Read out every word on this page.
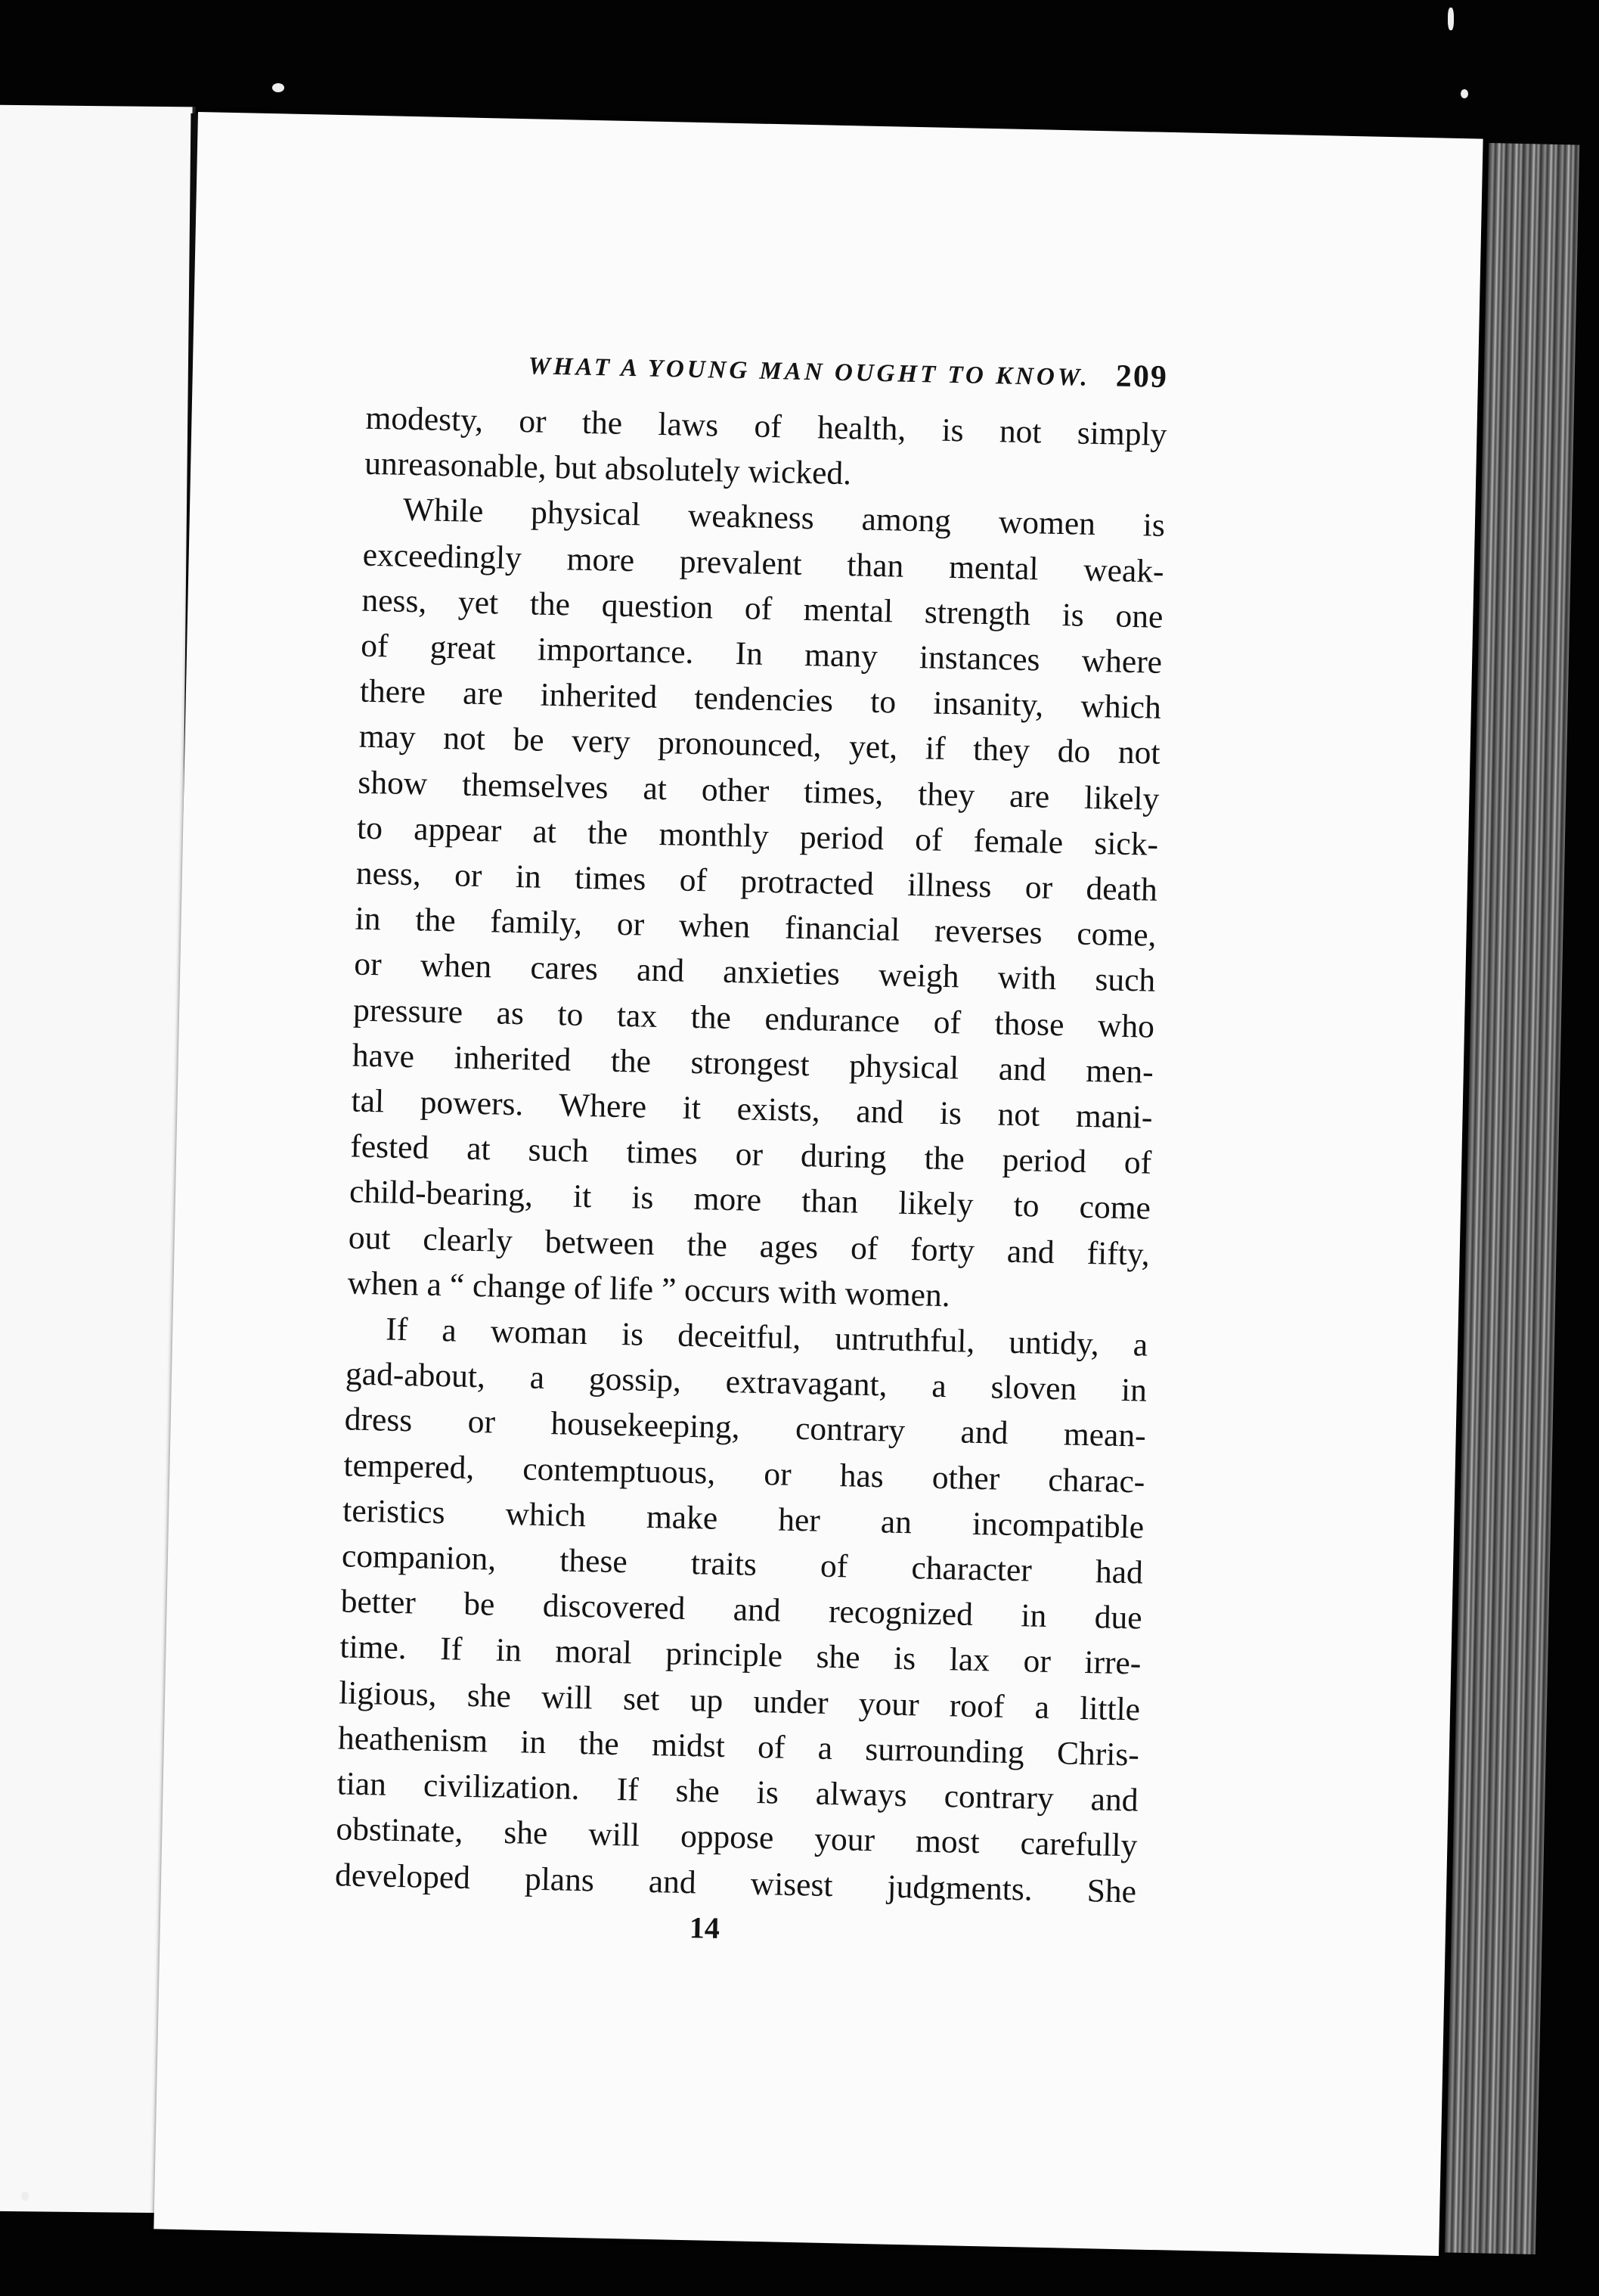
WHAT A YOUNG MAN OUGHT TO KNOW. 209
modesty, or the laws of health, is not simply
unreasonable, but absolutely wicked.
While physical weakness among women is
exceedingly more prevalent than mental weak-
ness, yet the question of mental strength is one
of great importance. In many instances where
there are inherited tendencies to insanity, which
may not be very pronounced, yet, if they do not
show themselves at other times, they are likely
to appear at the monthly period of female sick-
ness, or in times of protracted illness or death
in the family, or when financial reverses come,
or when cares and anxieties weigh with such
pressure as to tax the endurance of those who
have inherited the strongest physical and men-
tal powers. Where it exists, and is not mani-
fested at such times or during the period of
child-bearing, it is more than likely to come
out clearly between the ages of forty and fifty,
when a “ change of life ” occurs with women.
If a woman is deceitful, untruthful, untidy, a
gad-about, a gossip, extravagant, a sloven in
dress or housekeeping, contrary and mean-
tempered, contemptuous, or has other charac-
teristics which make her an incompatible
companion, these traits of character had
better be discovered and recognized in due
time. If in moral principle she is lax or irre-
ligious, she will set up under your roof a little
heathenism in the midst of a surrounding Chris-
tian civilization. If she is always contrary and
obstinate, she will oppose your most carefully
developed plans and wisest judgments. She
14
